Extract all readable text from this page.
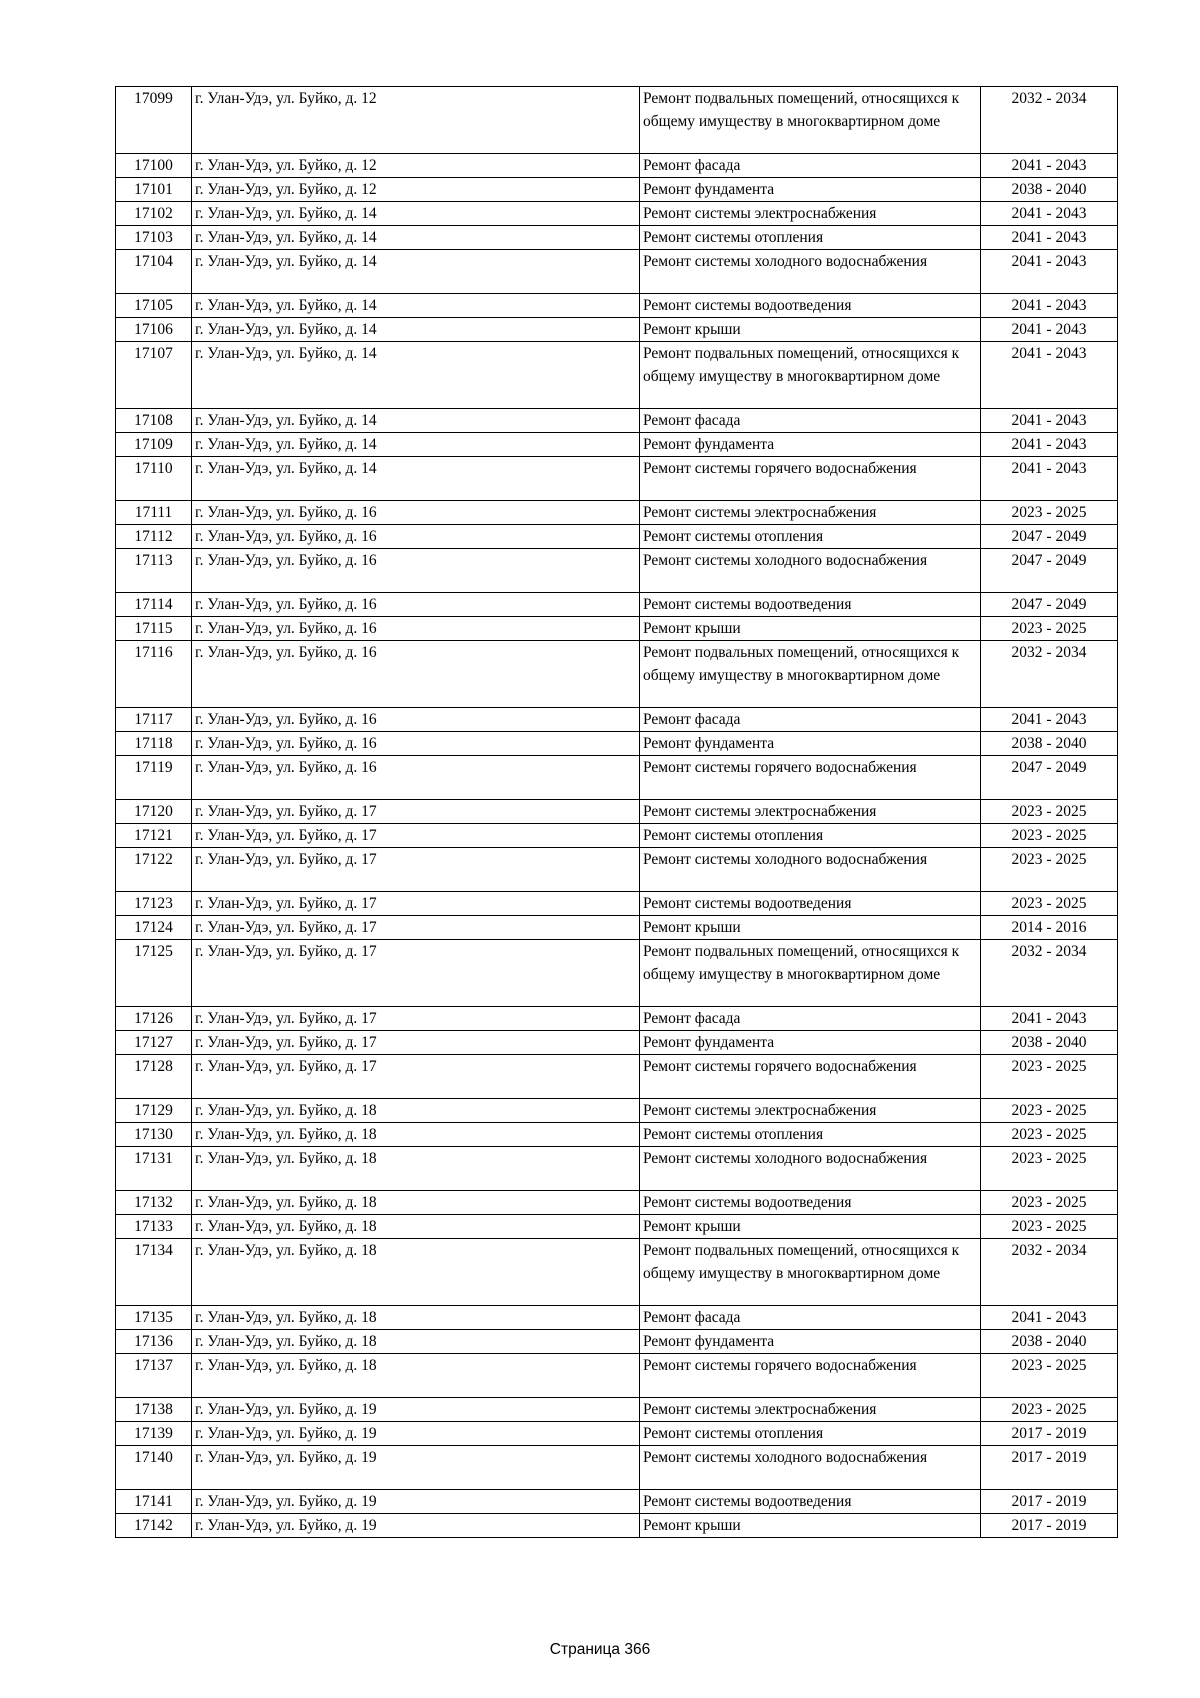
17099	г. Улан-Удэ, ул. Буйко, д. 12	Ремонт подвальных помещений, относящихся к общему имуществу в многоквартирном доме	2032 - 2034
17100	г. Улан-Удэ, ул. Буйко, д. 12	Ремонт фасада	2041 - 2043
17101	г. Улан-Удэ, ул. Буйко, д. 12	Ремонт фундамента	2038 - 2040
17102	г. Улан-Удэ, ул. Буйко, д. 14	Ремонт системы электроснабжения	2041 - 2043
17103	г. Улан-Удэ, ул. Буйко, д. 14	Ремонт системы отопления	2041 - 2043
17104	г. Улан-Удэ, ул. Буйко, д. 14	Ремонт системы холодного водоснабжения	2041 - 2043
17105	г. Улан-Удэ, ул. Буйко, д. 14	Ремонт системы водоотведения	2041 - 2043
17106	г. Улан-Удэ, ул. Буйко, д. 14	Ремонт крыши	2041 - 2043
17107	г. Улан-Удэ, ул. Буйко, д. 14	Ремонт подвальных помещений, относящихся к общему имуществу в многоквартирном доме	2041 - 2043
17108	г. Улан-Удэ, ул. Буйко, д. 14	Ремонт фасада	2041 - 2043
17109	г. Улан-Удэ, ул. Буйко, д. 14	Ремонт фундамента	2041 - 2043
17110	г. Улан-Удэ, ул. Буйко, д. 14	Ремонт системы горячего водоснабжения	2041 - 2043
17111	г. Улан-Удэ, ул. Буйко, д. 16	Ремонт системы электроснабжения	2023 - 2025
17112	г. Улан-Удэ, ул. Буйко, д. 16	Ремонт системы отопления	2047 - 2049
17113	г. Улан-Удэ, ул. Буйко, д. 16	Ремонт системы холодного водоснабжения	2047 - 2049
17114	г. Улан-Удэ, ул. Буйко, д. 16	Ремонт системы водоотведения	2047 - 2049
17115	г. Улан-Удэ, ул. Буйко, д. 16	Ремонт крыши	2023 - 2025
17116	г. Улан-Удэ, ул. Буйко, д. 16	Ремонт подвальных помещений, относящихся к общему имуществу в многоквартирном доме	2032 - 2034
17117	г. Улан-Удэ, ул. Буйко, д. 16	Ремонт фасада	2041 - 2043
17118	г. Улан-Удэ, ул. Буйко, д. 16	Ремонт фундамента	2038 - 2040
17119	г. Улан-Удэ, ул. Буйко, д. 16	Ремонт системы горячего водоснабжения	2047 - 2049
17120	г. Улан-Удэ, ул. Буйко, д. 17	Ремонт системы электроснабжения	2023 - 2025
17121	г. Улан-Удэ, ул. Буйко, д. 17	Ремонт системы отопления	2023 - 2025
17122	г. Улан-Удэ, ул. Буйко, д. 17	Ремонт системы холодного водоснабжения	2023 - 2025
17123	г. Улан-Удэ, ул. Буйко, д. 17	Ремонт системы водоотведения	2023 - 2025
17124	г. Улан-Удэ, ул. Буйко, д. 17	Ремонт крыши	2014 - 2016
17125	г. Улан-Удэ, ул. Буйко, д. 17	Ремонт подвальных помещений, относящихся к общему имуществу в многоквартирном доме	2032 - 2034
17126	г. Улан-Удэ, ул. Буйко, д. 17	Ремонт фасада	2041 - 2043
17127	г. Улан-Удэ, ул. Буйко, д. 17	Ремонт фундамента	2038 - 2040
17128	г. Улан-Удэ, ул. Буйко, д. 17	Ремонт системы горячего водоснабжения	2023 - 2025
17129	г. Улан-Удэ, ул. Буйко, д. 18	Ремонт системы электроснабжения	2023 - 2025
17130	г. Улан-Удэ, ул. Буйко, д. 18	Ремонт системы отопления	2023 - 2025
17131	г. Улан-Удэ, ул. Буйко, д. 18	Ремонт системы холодного водоснабжения	2023 - 2025
17132	г. Улан-Удэ, ул. Буйко, д. 18	Ремонт системы водоотведения	2023 - 2025
17133	г. Улан-Удэ, ул. Буйко, д. 18	Ремонт крыши	2023 - 2025
17134	г. Улан-Удэ, ул. Буйко, д. 18	Ремонт подвальных помещений, относящихся к общему имуществу в многоквартирном доме	2032 - 2034
17135	г. Улан-Удэ, ул. Буйко, д. 18	Ремонт фасада	2041 - 2043
17136	г. Улан-Удэ, ул. Буйко, д. 18	Ремонт фундамента	2038 - 2040
17137	г. Улан-Удэ, ул. Буйко, д. 18	Ремонт системы горячего водоснабжения	2023 - 2025
17138	г. Улан-Удэ, ул. Буйко, д. 19	Ремонт системы электроснабжения	2023 - 2025
17139	г. Улан-Удэ, ул. Буйко, д. 19	Ремонт системы отопления	2017 - 2019
17140	г. Улан-Удэ, ул. Буйко, д. 19	Ремонт системы холодного водоснабжения	2017 - 2019
17141	г. Улан-Удэ, ул. Буйко, д. 19	Ремонт системы водоотведения	2017 - 2019
17142	г. Улан-Удэ, ул. Буйко, д. 19	Ремонт крыши	2017 - 2019
Страница 366
